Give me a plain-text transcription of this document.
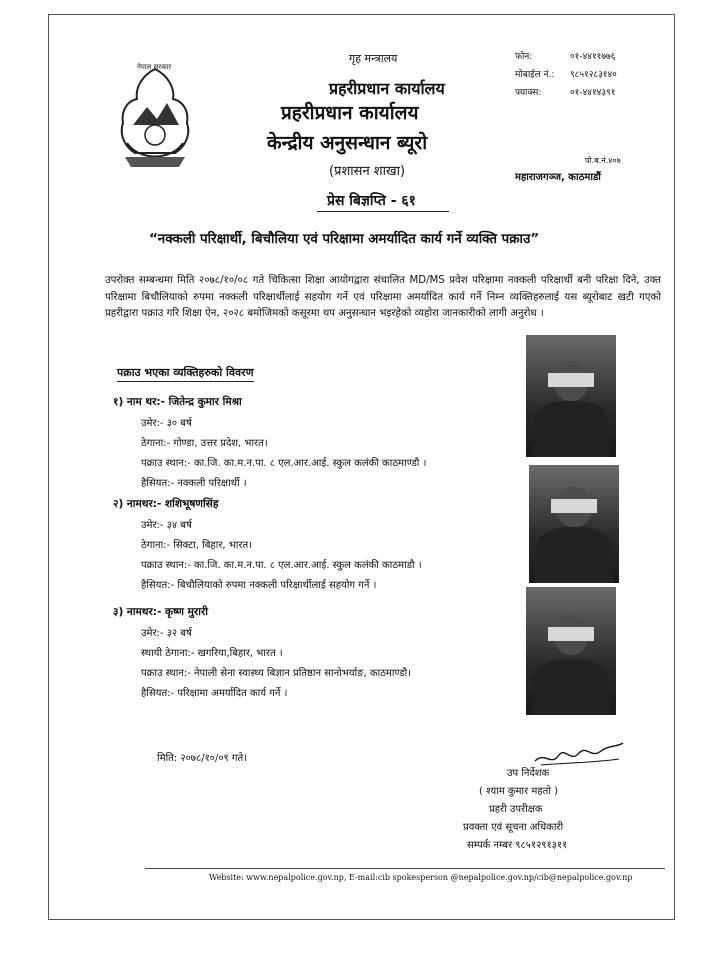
नेपाल सरकार
गृह मन्त्रालय
प्रहरीप्रधान कार्यालय
प्रहरीप्रधान कार्यालय
केन्द्रीय अनुसन्धान ब्यूरो
(प्रशासन शाखा)
फोन:	०१-४४११७७६
मोबाईल नं.: ९८५१२८३१४०
फ्याक्स:	०१-४४१४३९१
पो.ब.नं.४०७
महाराजगञ्ज, काठमाडौं
प्रेस बिज्ञप्ति - ६१
“नक्कली परिक्षार्थी, बिचौलिया एवं परिक्षामा अमर्यादित कार्य गर्ने व्यक्ति पक्राउ”
उपरोक्त सम्बन्धमा मिति २०७८/१०/०८ गते चिकित्सा शिक्षा आयोगद्वारा संचालित MD/MS प्रवेश परिक्षामा नक्कली परिक्षार्थी बनी परिक्षा दिने, उक्त परिक्षामा बिचौलियाको रुपमा नक्कली परिक्षार्थीलाई सहयोग गर्ने एवं परिक्षामा अमर्यादित कार्य गर्ने निम्न व्यक्तिहरुलाई यस ब्यूरोबाट खटी गएको प्रहरीद्वारा पक्राउ गरि शिक्षा ऐन, २०२८ बमोजिमको कसूरमा थप अनुसन्धान भइरहेको व्यहोरा जानकारीको लागी अनुरोध ।
पक्राउ भएका व्यक्तिहरुको विवरण
१) नाम थर:- जितेन्द्र कुमार मिश्रा
उमेर:- ३० बर्ष
ठेगाना:- गोण्डा, उत्तर प्रदेश, भारत।
पक्राउ स्थान:- का.जि. का.म.न.पा. ८ एल.आर.आई. स्कुल कलंकी काठमाण्डौ ।
हैसियत:- नक्कली परिक्षार्थी ।
२) नामथर:- शशिभूषणसिंह
उमेर:- ३४ बर्ष
ठेगाना:- सिक्टा, बिहार, भारत।
पक्राउ स्थान:- का.जि. का.म.न.पा. ८ एल.आर.आई. स्कुल कलंकी काठमाडौ ।
हैसियत:- बिचौलियाको रुपमा नक्कली परिक्षार्थीलाई सहयोग गर्ने ।
३) नामथर:- कृष्ण मुरारी
उमेर:- ३२ बर्ष
स्थायी ठेगाना:- खगरिया,बिहार, भारत ।
पक्राउ स्थान:- नेपाली सेना स्वास्थ्य बिज्ञान प्रतिष्ठान सानोभर्याङ, काठमाण्डौ।
हैसियत:- परिक्षामा अमर्यादित कार्य गर्ने ।
मिति: २०७८/१०/०९ गते।
उप निर्देशक
( श्याम कुमार महतो )
प्रहरी उपरीक्षक
प्रवक्ता एवं सूचना अधिकारी
सम्पर्क नम्बर ९८५१२९१३११
Website: www.nepalpolice.gov.np, E-mail:cib spokesperson @nepalpolice.gov.np/cib@nepalpolice.gov.np
